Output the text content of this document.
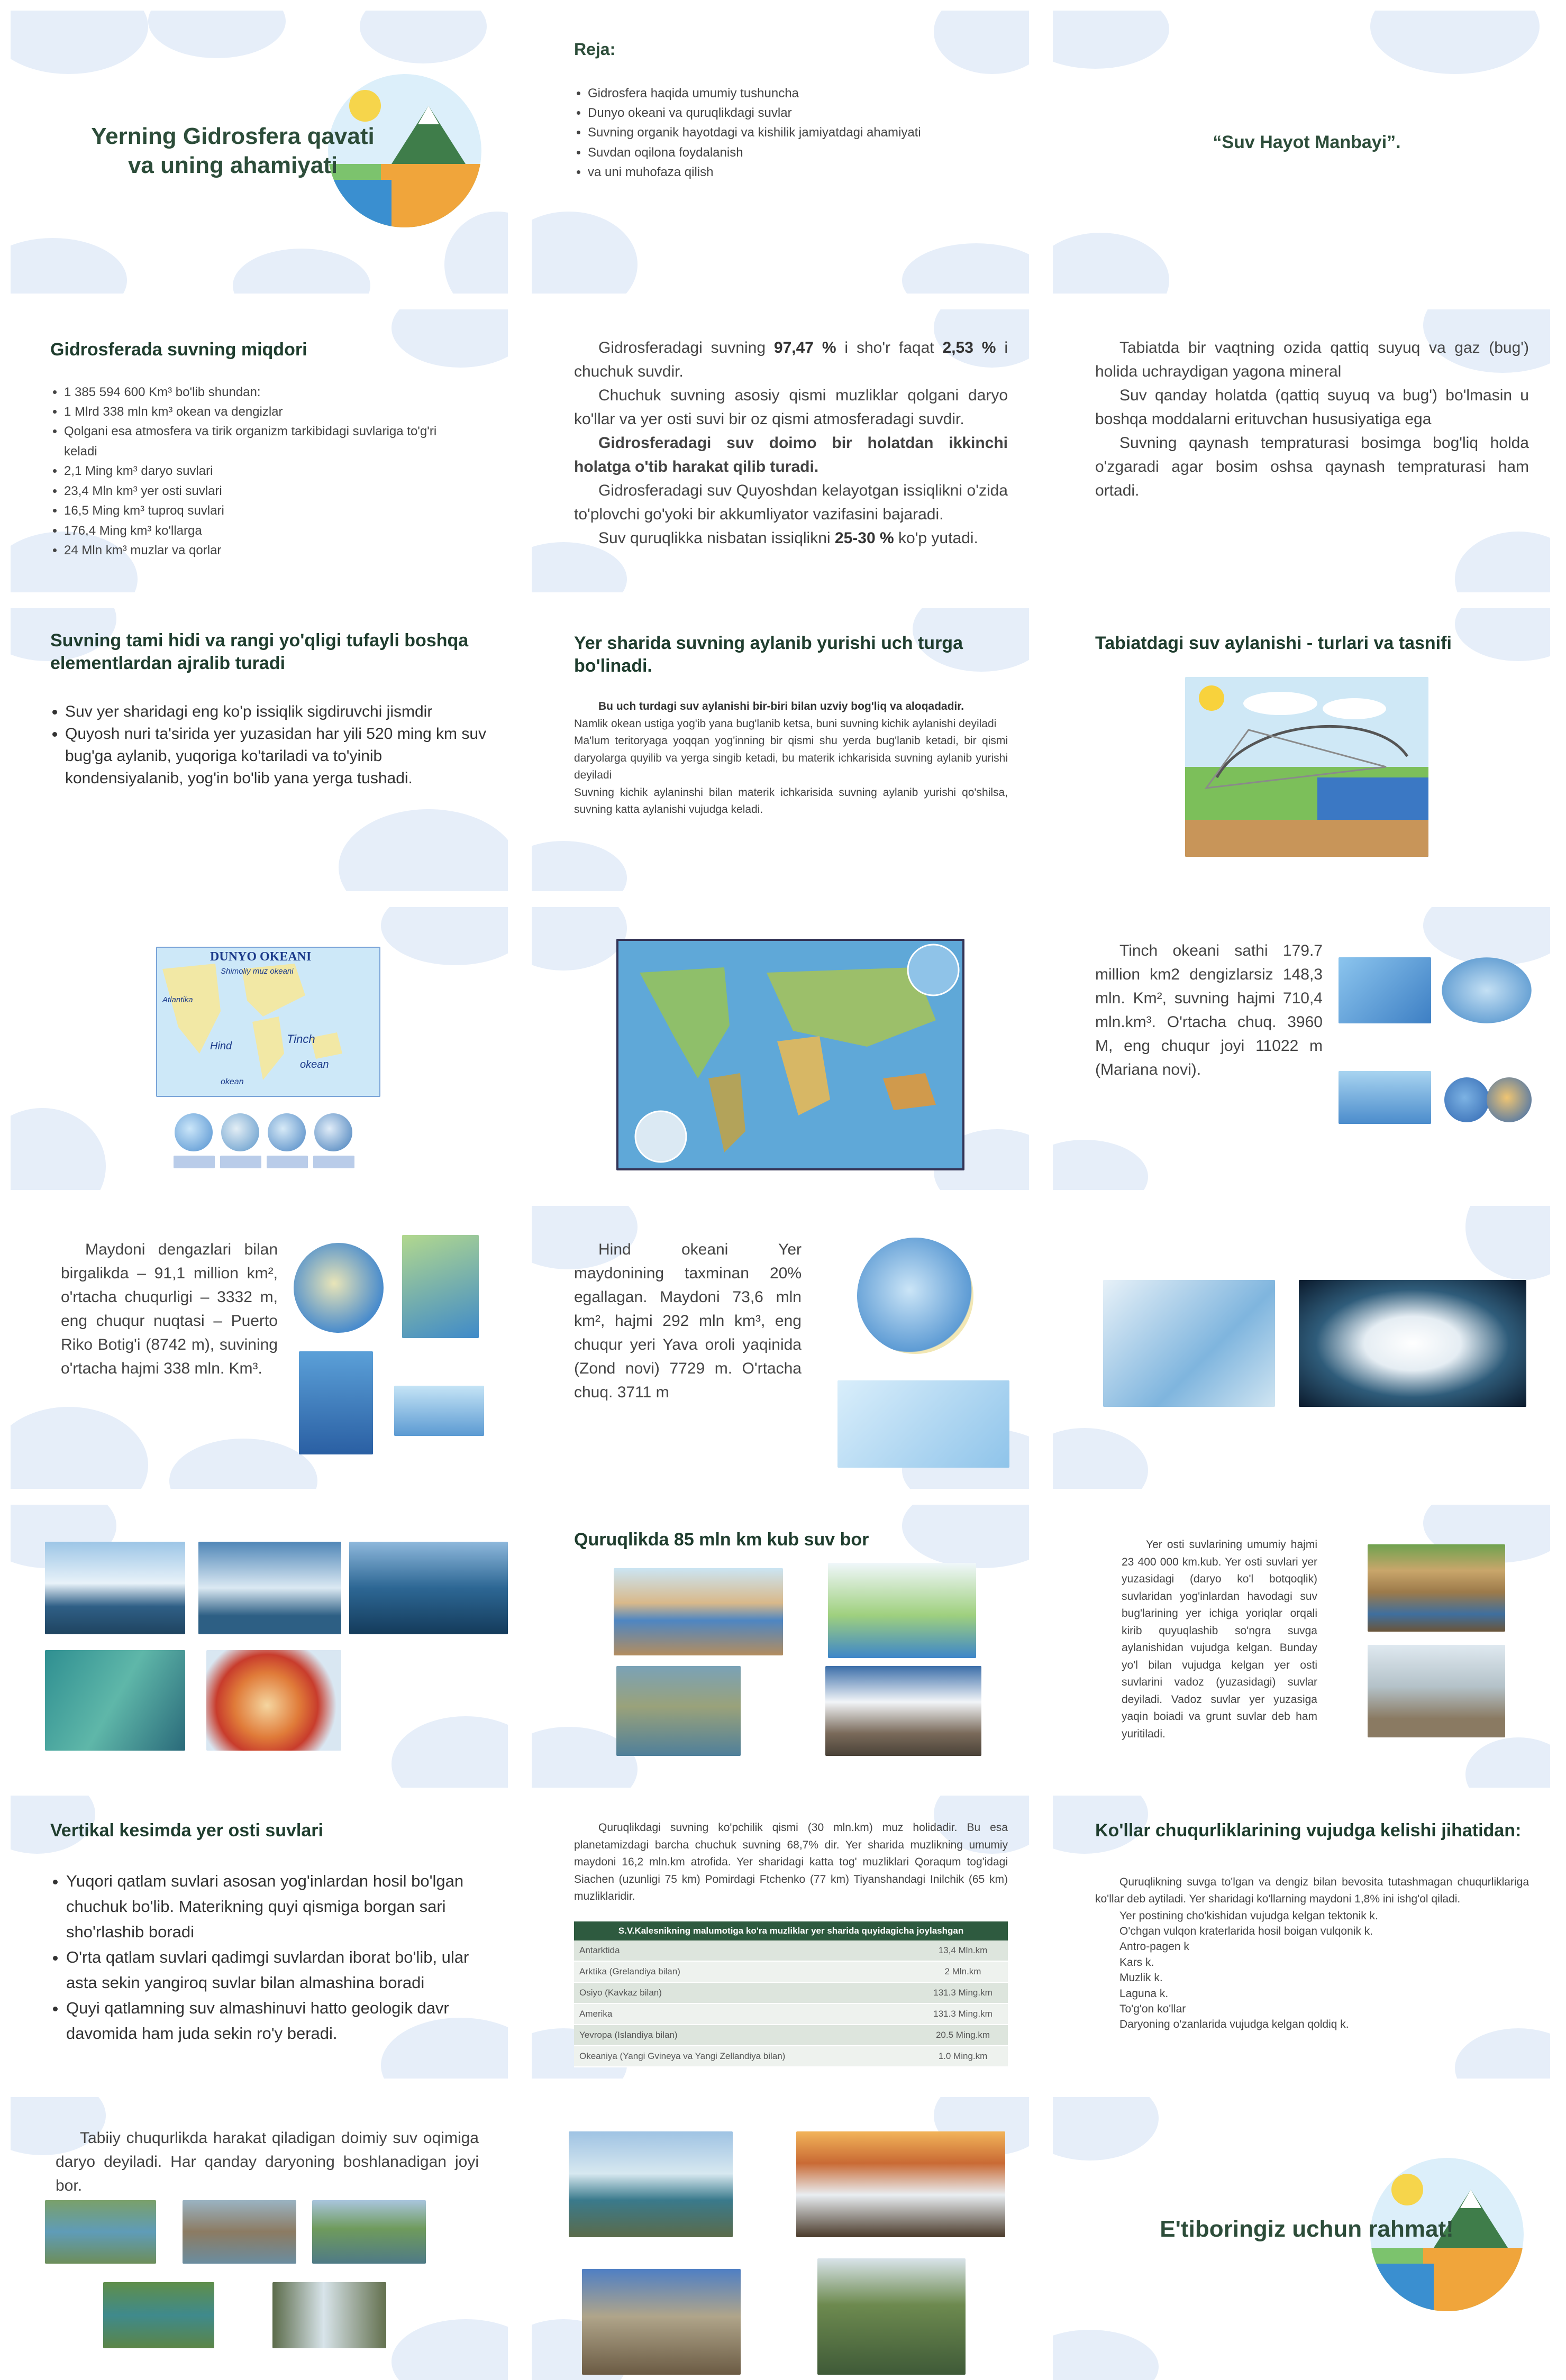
Yerning Gidrosfera qavati va uning ahamiyati
Reja:
• Gidrosfera haqida umumiy tushuncha
• Dunyo okeani va quruqlikdagi suvlar
• Suvning organik hayotdagi va kishilik jamiyatdagi ahamiyati
• Suvdan oqilona foydalanish
• va uni muhofaza qilish
“Suv Hayot Manbayi”.
Gidrosferada suvning miqdori
• 1 385 594 600 Km³ bo'lib shundan:
• 1 Mlrd 338 mln km³ okean va dengizlar
• Qolgani esa atmosfera va tirik organizm tarkibidagi suvlariga to'g'ri keladi
• 2,1 Ming km³ daryo suvlari
• 23,4 Mln km³ yer osti suvlari
• 16,5 Ming km³ tuproq suvlari
• 176,4 Ming km³ ko'llarga
• 24 Mln km³ muzlar va qorlar

Gidrosferadagi suvning 97,47 % i sho'r faqat 2,53 % i chuchuk suvdir.

Chuchuk suvning asosiy qismi muzliklar qolgani daryo ko'llar va yer osti suvi bir oz qismi atmosferadagi suvdir.

Gidrosferadagi suv doimo bir holatdan ikkinchi holatga o'tib harakat qilib turadi.

Gidrosferadagi suv Quyoshdan kelayotgan issiqlikni o'zida to'plovchi go'yoki bir akkumliyator vazifasini bajaradi.

Suv quruqlikka nisbatan issiqlikni 25-30 % ko'p yutadi.

Tabiatda bir vaqtning ozida qattiq suyuq va gaz (bug') holida uchraydigan yagona mineral

Suv qanday holatda (qattiq suyuq va bug') bo'lmasin u boshqa moddalarni erituvchan hususiyatiga ega

Suvning qaynash tempraturasi bosimga bog'liq holda o'zgaradi agar bosim oshsa qaynash tempraturasi ham ortadi.

Suvning tami hidi va rangi yo'qligi tufayli boshqa elementlardan ajralib turadi
• Suv yer sharidagi eng ko'p issiqlik sigdiruvchi jismdir
• Quyosh nuri ta'sirida yer yuzasidan har yili 520 ming km suv bug'ga aylanib, yuqoriga ko'tariladi va to'yinib kondensiyalanib, yog'in bo'lib yana yerga tushadi.
Yer sharida suvning aylanib yurishi uch turga bo'linadi.

Bu uch turdagi suv aylanishi bir-biri bilan uzviy bog'liq va aloqadadir.

Namlik okean ustiga yog'ib yana bug'lanib ketsa, buni suvning kichik aylanishi deyiladi

Ma'lum teritoryaga yoqqan yog'inning bir qismi shu yerda bug'lanib ketadi, bir qismi daryolarga quyilib va yerga singib ketadi, bu materik ichkarisida suvning aylanib yurishi deyiladi

Suvning kichik aylaninshi bilan materik ichkarisida suvning aylanib yurishi qo'shilsa, suvning katta aylanishi vujudga keladi.

Tabiatdagi suv aylanishi - turlari va tasnifi
DUNYO OKEANI
Shimoliy muz okeani
Atlantika
Hind
Tinch
okean
okean

Tinch okeani sathi 179.7 million km2 dengizlarsiz 148,3 mln. Km², suvning hajmi 710,4 mln.km³. O'rtacha chuq. 3960 M, eng chuqur joyi 11022 m (Mariana novi).

Maydoni dengazlari bilan birgalikda – 91,1 million km², o'rtacha chuqurligi – 3332 m, eng chuqur nuqtasi – Puerto Riko Botig'i (8742 m), suvining o'rtacha hajmi 338 mln. Km³.

Hind okeani Yer maydonining taxminan 20% egallagan. Maydoni 73,6 mln km², hajmi 292 mln km³, eng chuqur yeri Yava oroli yaqinida (Zond novi) 7729 m. O'rtacha chuq. 3711 m

Quruqlikda 85 mln km kub suv bor	Yer osti suvlarining umumiy hajmi 23 400 000 km.kub. Yer osti suvlari yer yuzasidagi (daryo ko'l botqoqlik) suvlaridan yog'inlardan havodagi suv bug'larining yer ichiga yoriqlar orqali kirib quyuqlashib so'ngra suvga aylanishidan vujudga kelgan. Bunday yo'l bilan vujudga kelgan yer osti suvlarini vadoz (yuzasidagi) suvlar deyiladi. Vadoz suvlar yer yuzasiga yaqin boiadi va grunt suvlar deb ham yuritiladi.

Vertikal kesimda yer osti suvlari
• Yuqori qatlam suvlari asosan yog'inlardan hosil bo'lgan chuchuk bo'lib. Materikning quyi qismiga borgan sari sho'rlashib boradi
• O'rta qatlam suvlari qadimgi suvlardan iborat bo'lib, ular asta sekin yangiroq suvlar bilan almashina boradi
• Quyi qatlamning suv almashinuvi hatto geologik davr davomida ham juda sekin ro'y beradi.

Quruqlikdagi suvning ko'pchilik qismi (30 mln.km) muz holidadir. Bu esa planetamizdagi barcha chuchuk suvning 68,7% dir. Yer sharida muzlikning umumiy maydoni 16,2 mln.km atrofida. Yer sharidagi katta tog' muzliklari Qoraqum tog'idagi Siachen (uzunligi 75 km) Pomirdagi Ftchenko (77 km) Tiyanshandagi Inilchik (65 km) muzliklaridir.

S.V.Kalesnikning malumotiga ko'ra muzliklar yer sharida quyidagicha joylashgan	
Antarktida	13,4 Mln.km
Arktika (Grelandiya bilan)	2 Mln.km
Osiyo (Kavkaz bilan)	131.3 Ming.km
Amerika	131.3 Ming.km
Yevropa (Islandiya bilan)	20.5 Ming.km
Okeaniya (Yangi Gvineya va Yangi Zellandiya bilan)	1.0 Ming.km
Ko'llar chuqurliklarining vujudga kelishi jihatidan:

Quruqlikning suvga to'lgan va dengiz bilan bevosita tutashmagan chuqurliklariga ko'llar deb aytiladi. Yer sharidagi ko'llarning maydoni 1,8% ini ishg'ol qiladi.

Yer postining cho'kishidan vujudga kelgan tektonik k.
O'chgan vulqon kraterlarida hosil boigan vulqonik k.
Antro-pagen k
Kars k.
Muzlik k.
Laguna k.
To'g'on ko'llar
Daryoning o'zanlarida vujudga kelgan qoldiq k.

Tabiiy chuqurlikda harakat qiladigan doimiy suv oqimiga daryo deyiladi. Har qanday daryoning boshlanadigan joyi bor.

E'tiboringiz uchun rahmat!
